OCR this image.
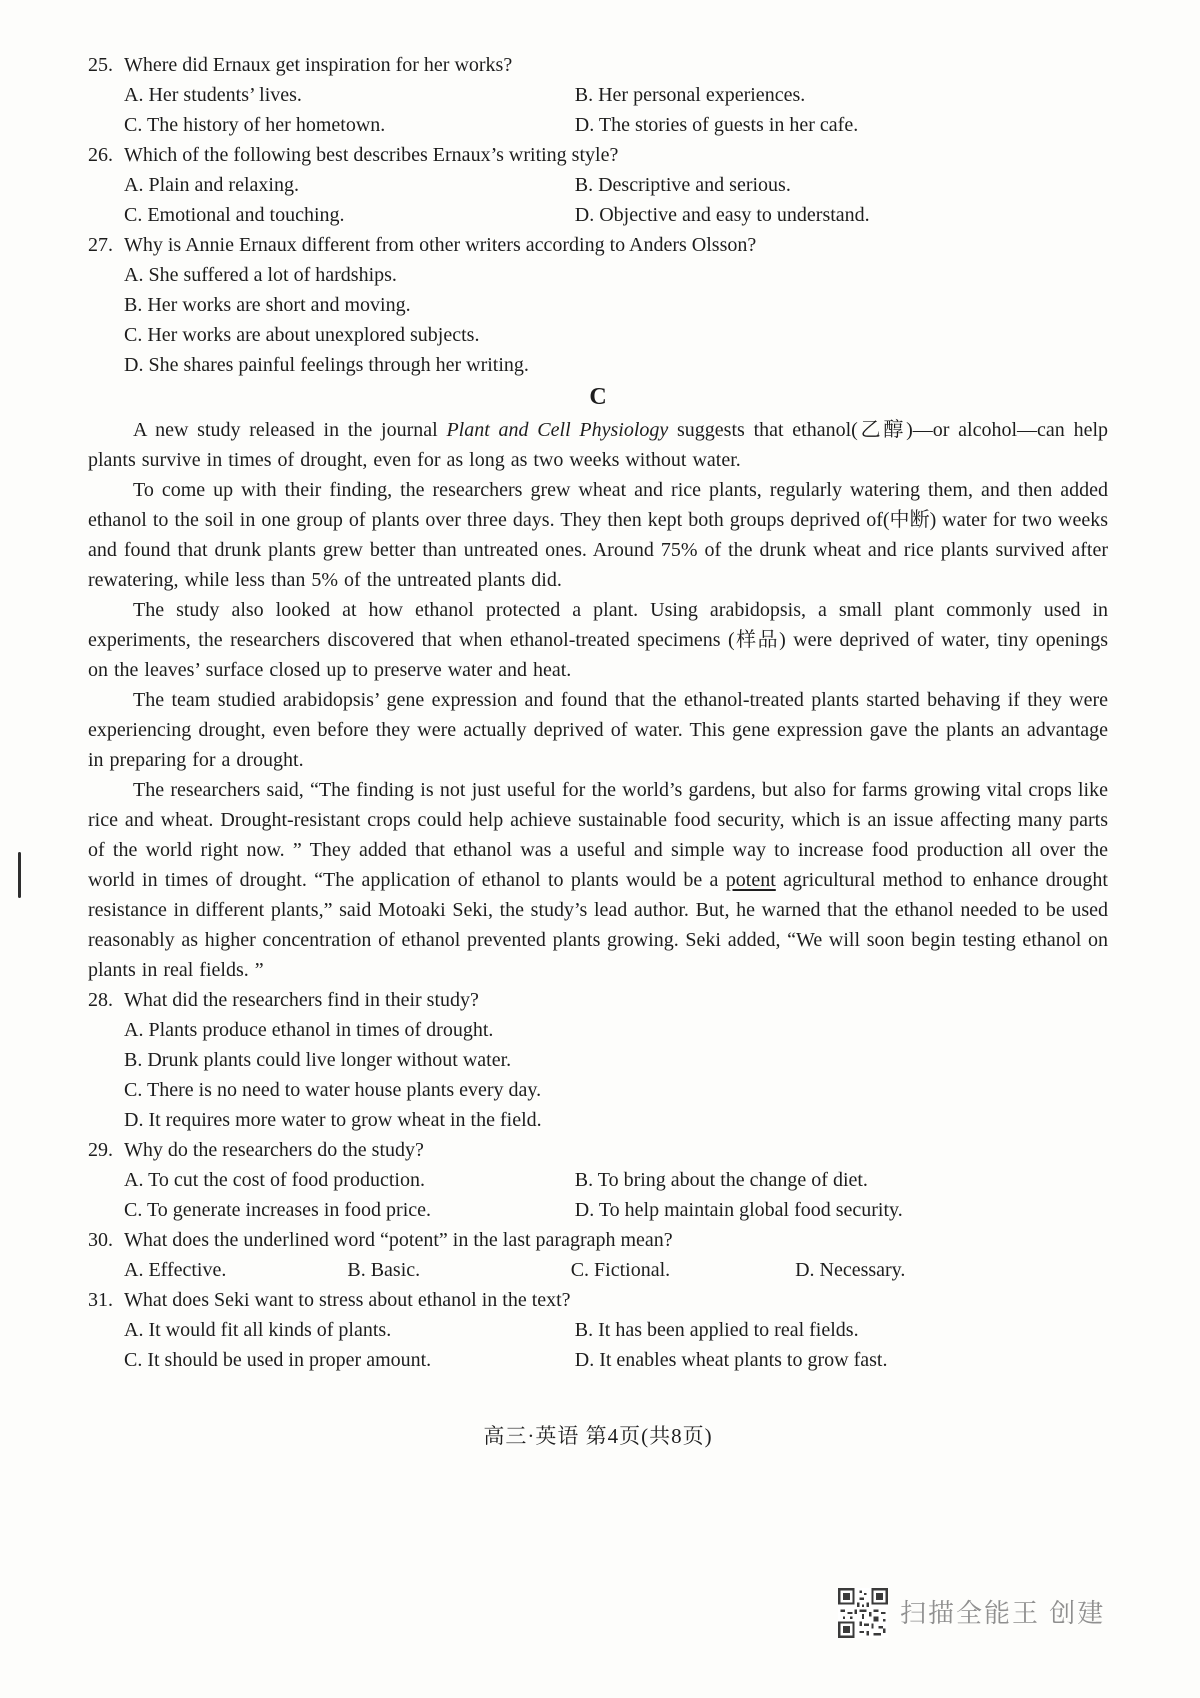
25. Where did Ernaux get inspiration for her works?
A. Her students’ lives.	B. Her personal experiences.
C. The history of her hometown.	D. The stories of guests in her cafe.
26. Which of the following best describes Ernaux’s writing style?
A. Plain and relaxing.	B. Descriptive and serious.
C. Emotional and touching.	D. Objective and easy to understand.
27. Why is Annie Ernaux different from other writers according to Anders Olsson?
A. She suffered a lot of hardships.
B. Her works are short and moving.
C. Her works are about unexplored subjects.
D. She shares painful feelings through her writing.
C

A new study released in the journal Plant and Cell Physiology suggests that ethanol(乙醇)—or alcohol—can help plants survive in times of drought, even for as long as two weeks without water.

To come up with their finding, the researchers grew wheat and rice plants, regularly watering them, and then added ethanol to the soil in one group of plants over three days. They then kept both groups deprived of(中断) water for two weeks and found that drunk plants grew better than untreated ones. Around 75% of the drunk wheat and rice plants survived after rewatering, while less than 5% of the untreated plants did.

The study also looked at how ethanol protected a plant. Using arabidopsis, a small plant commonly used in experiments, the researchers discovered that when ethanol-treated specimens (样品) were deprived of water, tiny openings on the leaves’ surface closed up to preserve water and heat.

The team studied arabidopsis’ gene expression and found that the ethanol-treated plants started behaving if they were experiencing drought, even before they were actually deprived of water. This gene expression gave the plants an advantage in preparing for a drought.

The researchers said, “The finding is not just useful for the world’s gardens, but also for farms growing vital crops like rice and wheat. Drought-resistant crops could help achieve sustainable food security, which is an issue affecting many parts of the world right now. ” They added that ethanol was a useful and simple way to increase food production all over the world in times of drought. “The application of ethanol to plants would be a potent agricultural method to enhance drought resistance in different plants,” said Motoaki Seki, the study’s lead author. But, he warned that the ethanol needed to be used reasonably as higher concentration of ethanol prevented plants growing. Seki added, “We will soon begin testing ethanol on plants in real fields. ”

28. What did the researchers find in their study?
A. Plants produce ethanol in times of drought.
B. Drunk plants could live longer without water.
C. There is no need to water house plants every day.
D. It requires more water to grow wheat in the field.
29. Why do the researchers do the study?
A. To cut the cost of food production.	B. To bring about the change of diet.
C. To generate increases in food price.	D. To help maintain global food security.
30. What does the underlined word “potent” in the last paragraph mean?
A. Effective.	B. Basic.	C. Fictional.	D. Necessary.
31. What does Seki want to stress about ethanol in the text?
A. It would fit all kinds of plants.	B. It has been applied to real fields.
C. It should be used in proper amount.	D. It enables wheat plants to grow fast.
高三·英语 第4页(共8页)
扫描全能王 创建
